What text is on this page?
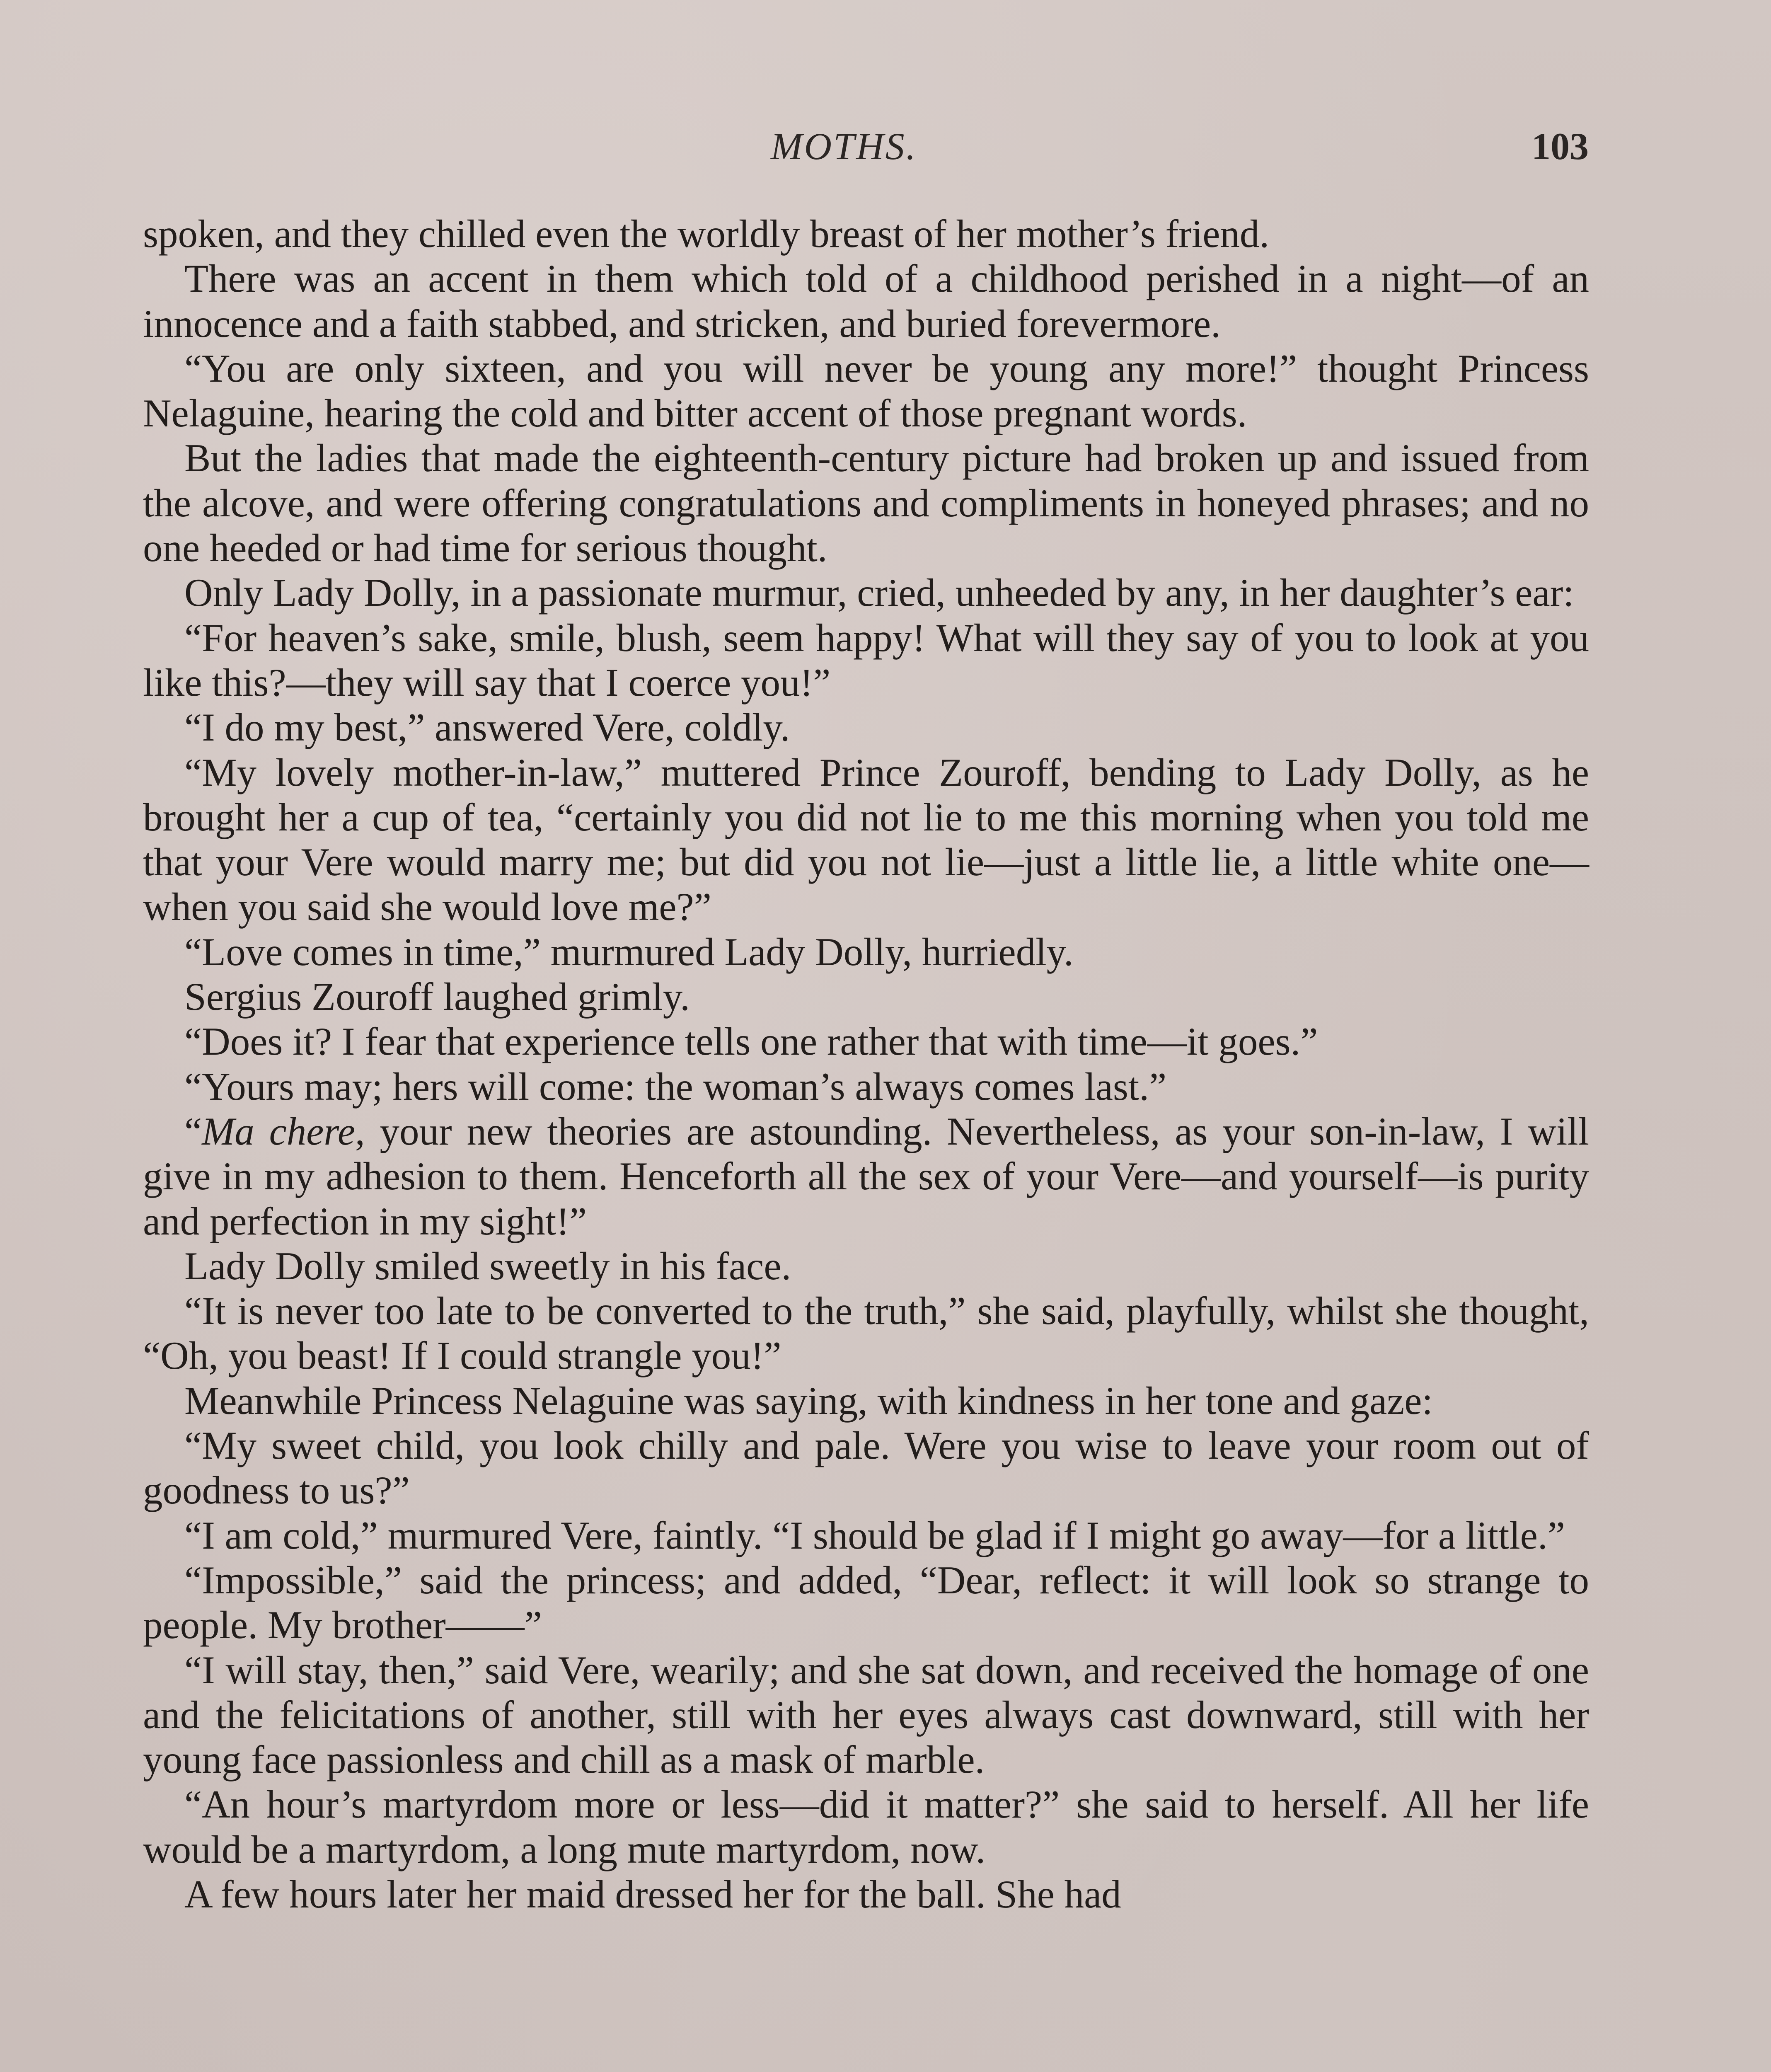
MOTHS.	103

spoken, and they chilled even the worldly breast of her mother’s friend.

There was an accent in them which told of a childhood perished in a night—of an innocence and a faith stabbed, and stricken, and buried forevermore.

“You are only sixteen, and you will never be young any more!” thought Princess Nelaguine, hearing the cold and bitter accent of those pregnant words.

But the ladies that made the eighteenth-century picture had broken up and issued from the alcove, and were offering congratulations and compliments in honeyed phrases; and no one heeded or had time for serious thought.

Only Lady Dolly, in a passionate murmur, cried, unheeded by any, in her daughter’s ear:

“For heaven’s sake, smile, blush, seem happy! What will they say of you to look at you like this?—they will say that I coerce you!”

“I do my best,” answered Vere, coldly.

“My lovely mother-in-law,” muttered Prince Zouroff, bending to Lady Dolly, as he brought her a cup of tea, “certainly you did not lie to me this morning when you told me that your Vere would marry me; but did you not lie—just a little lie, a little white one—when you said she would love me?”

“Love comes in time,” murmured Lady Dolly, hurriedly.

Sergius Zouroff laughed grimly.

“Does it? I fear that experience tells one rather that with time—it goes.”

“Yours may; hers will come: the woman’s always comes last.”

“Ma chere, your new theories are astounding. Nevertheless, as your son-in-law, I will give in my adhesion to them. Henceforth all the sex of your Vere—and yourself—is purity and perfection in my sight!”

Lady Dolly smiled sweetly in his face.

“It is never too late to be converted to the truth,” she said, playfully, whilst she thought, “Oh, you beast! If I could strangle you!”

Meanwhile Princess Nelaguine was saying, with kindness in her tone and gaze:

“My sweet child, you look chilly and pale. Were you wise to leave your room out of goodness to us?”

“I am cold,” murmured Vere, faintly. “I should be glad if I might go away—for a little.”

“Impossible,” said the princess; and added, “Dear, reflect: it will look so strange to people. My brother——”

“I will stay, then,” said Vere, wearily; and she sat down, and received the homage of one and the felicitations of another, still with her eyes always cast downward, still with her young face passionless and chill as a mask of marble.

“An hour’s martyrdom more or less—did it matter?” she said to herself. All her life would be a martyrdom, a long mute martyrdom, now.

A few hours later her maid dressed her for the ball. She had
